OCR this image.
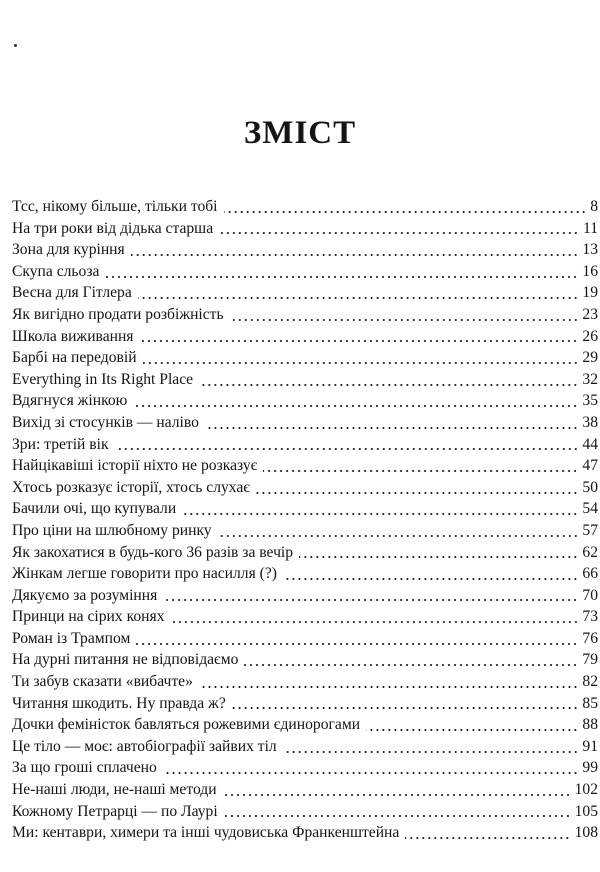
ЗМІСТ
Тсс, нікому більше, тільки тобі	8
На три роки від дідька старша	11
Зона для куріння	13
Скупа сльоза	16
Весна для Гітлера	19
Як вигідно продати розбіжність	23
Школа виживання	26
Барбі на передовій	29
Everything in Its Right Place	32
Вдягнуся жінкою	35
Вихід зі стосунків — наліво	38
Зри: третій вік	44
Найцікавіші історії ніхто не розказує	47
Хтось розказує історії, хтось слухає	50
Бачили очі, що купували	54
Про ціни на шлюбному ринку	57
Як закохатися в будь-кого 36 разів за вечір	62
Жінкам легше говорити про насилля (?)	66
Дякуємо за розуміння	70
Принци на сірих конях	73
Роман із Трампом	76
На дурні питання не відповідаємо	79
Ти забув сказати «вибачте»	82
Читання шкодить. Ну правда ж?	85
Дочки феміністок бавляться рожевими єдинорогами	88
Це тіло — моє: автобіографії зайвих тіл	91
За що гроші сплачено	99
Не-наші люди, не-наші методи	102
Кожному Петрарці — по Лаурі	105
Ми: кентаври, химери та інші чудовиська Франкенштейна	108
